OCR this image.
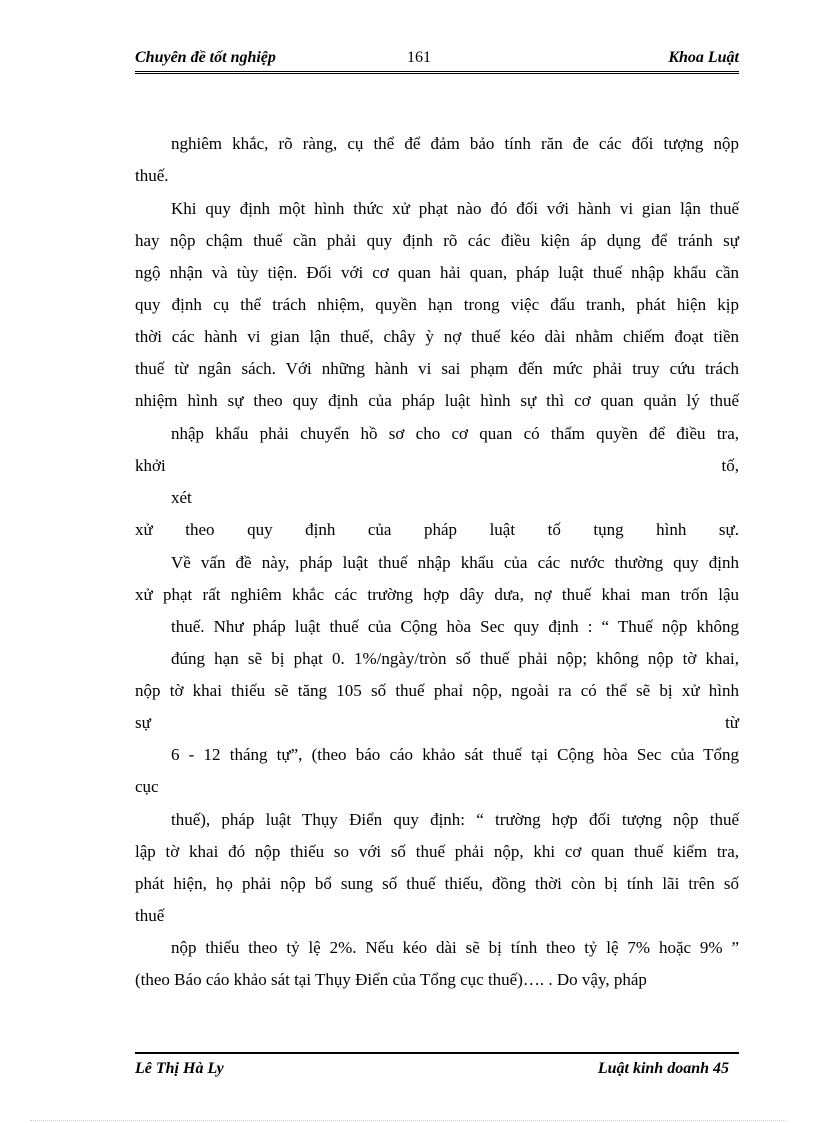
Chuyên đề tốt nghiệp	161	Khoa Luật
nghiêm khắc, rõ ràng, cụ thể để đảm bảo tính răn đe các đối tượng nộp
thuế.
Khi quy định một hình thức xử phạt nào đó đối với hành vi gian lận thuế
hay nộp chậm thuế cần phải quy định rõ các điều kiện áp dụng để tránh sự
ngộ nhận và tùy tiện. Đối với cơ quan hải quan, pháp luật thuế nhập khẩu cần
quy định cụ thể trách nhiệm, quyền hạn trong việc đấu tranh, phát hiện kịp
thời các hành vi gian lận thuế, chây ỳ nợ thuế kéo dài nhằm chiếm đoạt tiền
thuế từ ngân sách. Với những hành vi sai phạm đến mức phải truy cứu trách
nhiệm hình sự theo quy định của pháp luật hình sự thì cơ quan quản lý thuế
nhập khẩu phải chuyển hồ sơ cho cơ quan có thẩm quyền để điều tra,
khởi	tố,
xét
xử theo quy định của pháp luật tố tụng hình sự.
Về vấn đề này, pháp luật thuế nhập khẩu của các nước thường quy định
xử phạt rất nghiêm khắc các trường hợp dây dưa, nợ thuế khai man trốn lậu
thuế. Như pháp luật thuế của Cộng hòa Sec quy định : “ Thuế nộp không
đúng hạn sẽ bị phạt 0. 1%/ngày/tròn số thuế phải nộp; không nộp tờ khai,
nộp tờ khai thiếu sẽ tăng 105 số thuế phaỉ nộp, ngoài ra có thể sẽ bị xử hình
sự	từ
6 - 12 tháng tự”, (theo báo cáo khảo sát thuế tại Cộng hòa Sec của Tổng
cục
thuế), pháp luật Thụy Điển quy định: “ trường hợp đối tượng nộp thuế
lập tờ khai đó nộp thiếu so với số thuế phải nộp, khi cơ quan thuế kiểm tra,
phát hiện, họ phải nộp bổ sung số thuế thiếu, đồng thời còn bị tính lãi trên số
thuế
nộp thiếu theo tỷ lệ 2%. Nếu kéo dài sẽ bị tính theo tỷ lệ 7% hoặc 9% ”
(theo Báo cáo khảo sát tại Thụy Điển của Tổng cục thuế)…. . Do vậy, pháp
Lê Thị Hà Ly	Luật kinh doanh 45
